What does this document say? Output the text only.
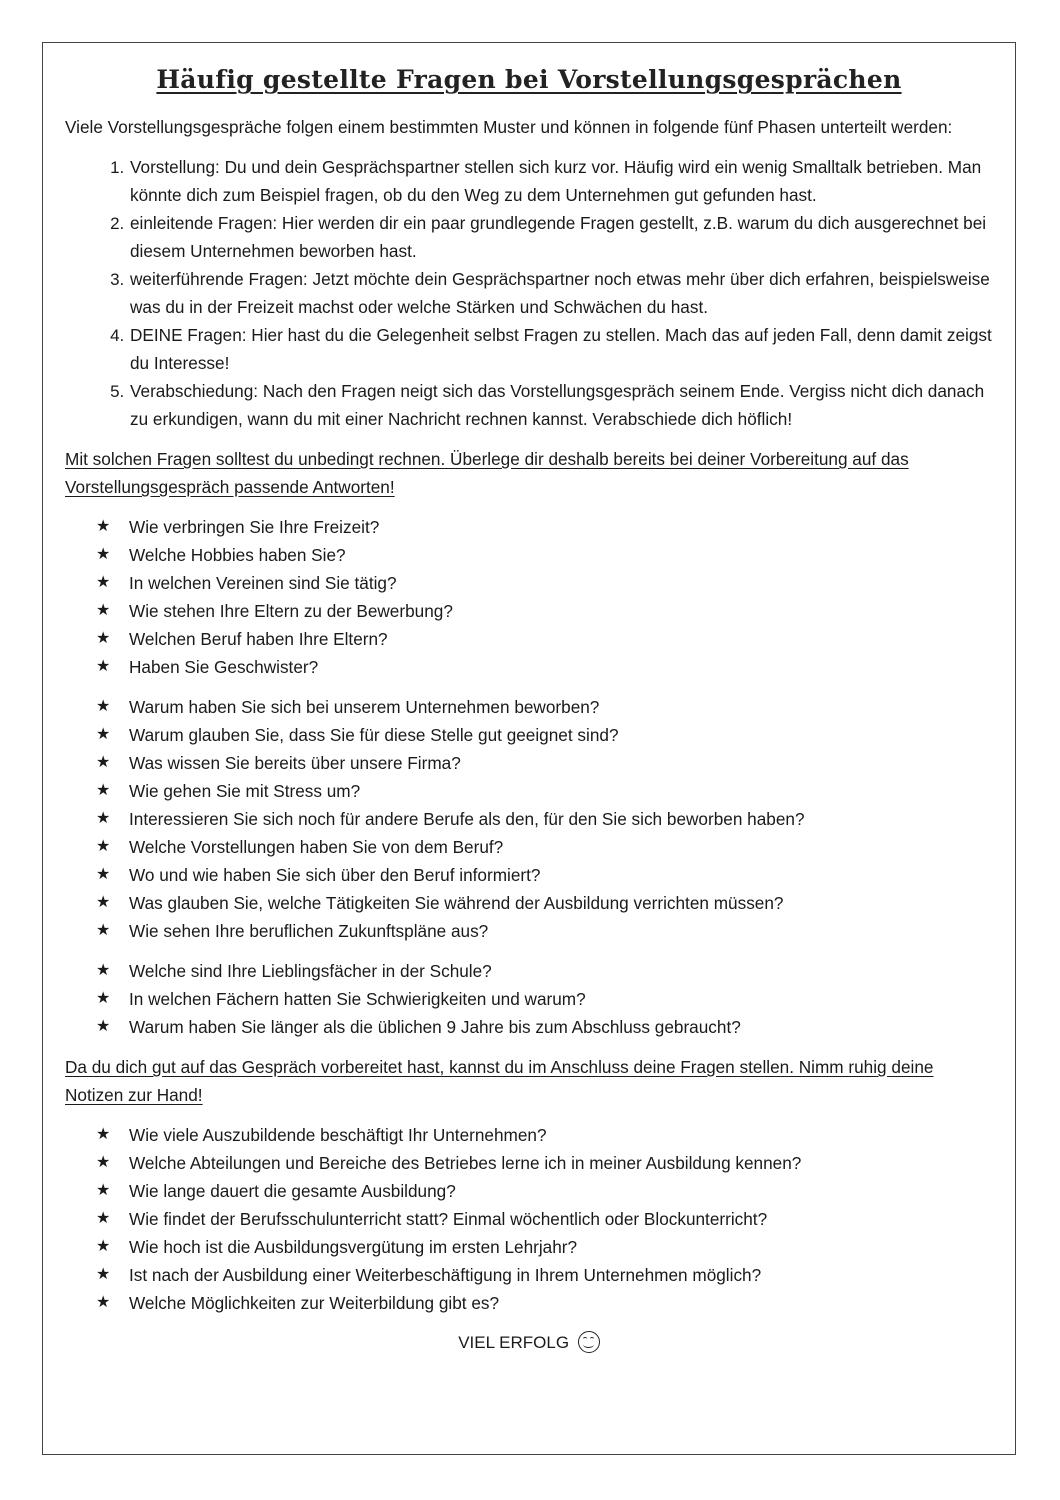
Häufig gestellte Fragen bei Vorstellungsgesprächen

Viele Vorstellungsgespräche folgen einem bestimmten Muster und können in folgende fünf Phasen unterteilt werden:

1. Vorstellung: Du und dein Gesprächspartner stellen sich kurz vor. Häufig wird ein wenig Smalltalk betrieben. Man könnte dich zum Beispiel fragen, ob du den Weg zu dem Unternehmen gut gefunden hast.
2. einleitende Fragen: Hier werden dir ein paar grundlegende Fragen gestellt, z.B. warum du dich ausgerechnet bei diesem Unternehmen beworben hast.
3. weiterführende Fragen: Jetzt möchte dein Gesprächspartner noch etwas mehr über dich erfahren, beispielsweise was du in der Freizeit machst oder welche Stärken und Schwächen du hast.
4. DEINE Fragen: Hier hast du die Gelegenheit selbst Fragen zu stellen. Mach das auf jeden Fall, denn damit zeigst du Interesse!
5. Verabschiedung: Nach den Fragen neigt sich das Vorstellungsgespräch seinem Ende. Vergiss nicht dich danach zu erkundigen, wann du mit einer Nachricht rechnen kannst. Verabschiede dich höflich!

Mit solchen Fragen solltest du unbedingt rechnen. Überlege dir deshalb bereits bei deiner Vorbereitung auf das Vorstellungsgespräch passende Antworten!

★ Wie verbringen Sie Ihre Freizeit?
★ Welche Hobbies haben Sie?
★ In welchen Vereinen sind Sie tätig?
★ Wie stehen Ihre Eltern zu der Bewerbung?
★ Welchen Beruf haben Ihre Eltern?
★ Haben Sie Geschwister?
★ Warum haben Sie sich bei unserem Unternehmen beworben?
★ Warum glauben Sie, dass Sie für diese Stelle gut geeignet sind?
★ Was wissen Sie bereits über unsere Firma?
★ Wie gehen Sie mit Stress um?
★ Interessieren Sie sich noch für andere Berufe als den, für den Sie sich beworben haben?
★ Welche Vorstellungen haben Sie von dem Beruf?
★ Wo und wie haben Sie sich über den Beruf informiert?
★ Was glauben Sie, welche Tätigkeiten Sie während der Ausbildung verrichten müssen?
★ Wie sehen Ihre beruflichen Zukunftspläne aus?
★ Welche sind Ihre Lieblingsfächer in der Schule?
★ In welchen Fächern hatten Sie Schwierigkeiten und warum?
★ Warum haben Sie länger als die üblichen 9 Jahre bis zum Abschluss gebraucht?

Da du dich gut auf das Gespräch vorbereitet hast, kannst du im Anschluss deine Fragen stellen. Nimm ruhig deine Notizen zur Hand!

★ Wie viele Auszubildende beschäftigt Ihr Unternehmen?
★ Welche Abteilungen und Bereiche des Betriebes lerne ich in meiner Ausbildung kennen?
★ Wie lange dauert die gesamte Ausbildung?
★ Wie findet der Berufsschulunterricht statt? Einmal wöchentlich oder Blockunterricht?
★ Wie hoch ist die Ausbildungsvergütung im ersten Lehrjahr?
★ Ist nach der Ausbildung einer Weiterbeschäftigung in Ihrem Unternehmen möglich?
★ Welche Möglichkeiten zur Weiterbildung gibt es?
VIEL ERFOLG
